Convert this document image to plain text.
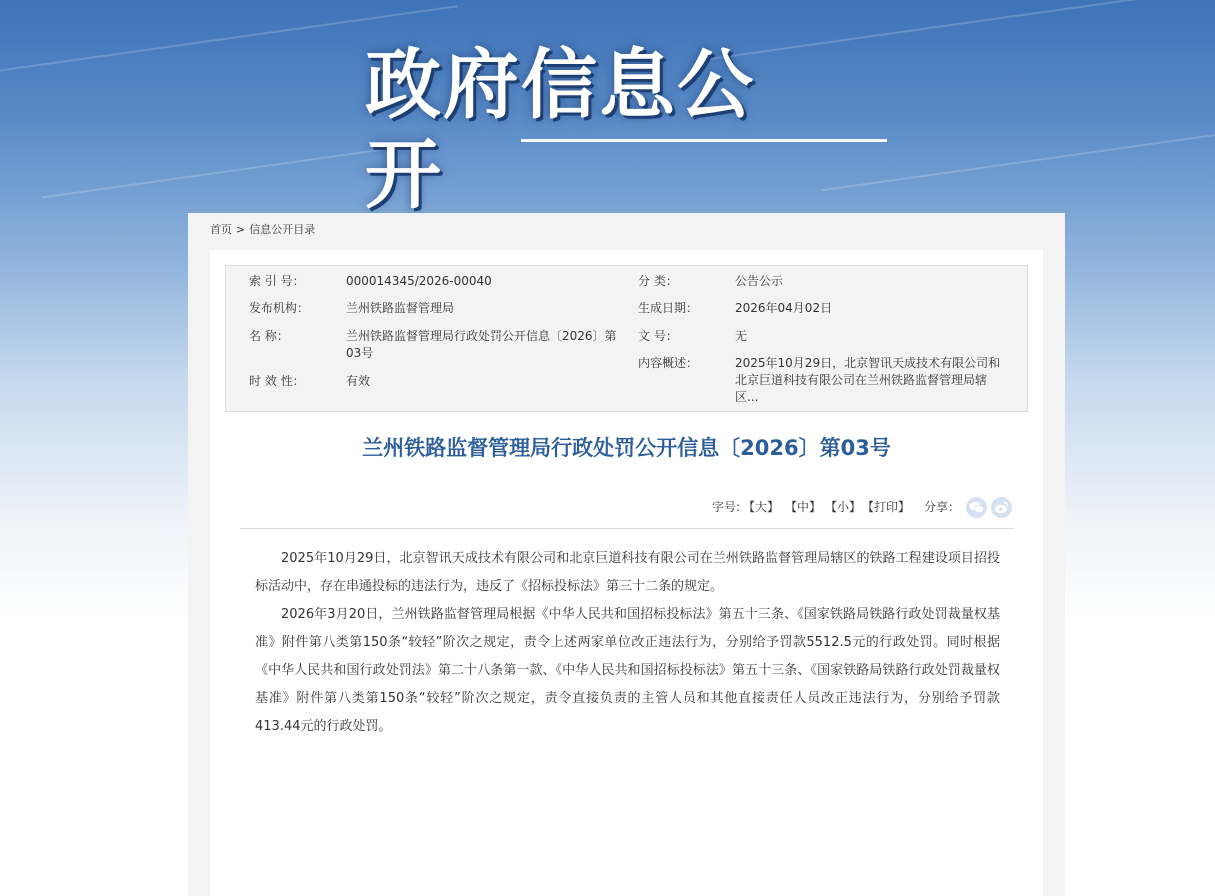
政府信息公开
首页 > 信息公开目录
索 引 号：	000014345/2026-00040	分 类：	公告公示
发布机构：	兰州铁路监督管理局	生成日期：	2026年04月02日
名 称：	兰州铁路监督管理局行政处罚公开信息〔2026〕第03号
文 号：	无
内容概述：	2025年10月29日，北京智讯天成技术有限公司和北京巨道科技有限公司在兰州铁路监督管理局辖区...
时 效 性：	有效
兰州铁路监督管理局行政处罚公开信息〔2026〕第03号
字号: 【大】 【中】 【小】 【打印】 分享：

2025年10月29日，北京智讯天成技术有限公司和北京巨道科技有限公司在兰州铁路监督管理局辖区的铁路工程建设项目招投标活动中，存在串通投标的违法行为，违反了《招标投标法》第三十二条的规定。

2026年3月20日，兰州铁路监督管理局根据《中华人民共和国招标投标法》第五十三条、《国家铁路局铁路行政处罚裁量权基准》附件第八类第150条“较轻”阶次之规定，责令上述两家单位改正违法行为，分别给予罚款5512.5元的行政处罚。同时根据《中华人民共和国行政处罚法》第二十八条第一款、《中华人民共和国招标投标法》第五十三条、《国家铁路局铁路行政处罚裁量权基准》附件第八类第150条“较轻”阶次之规定，责令直接负责的主管人员和其他直接责任人员改正违法行为，分别给予罚款413.44元的行政处罚。
